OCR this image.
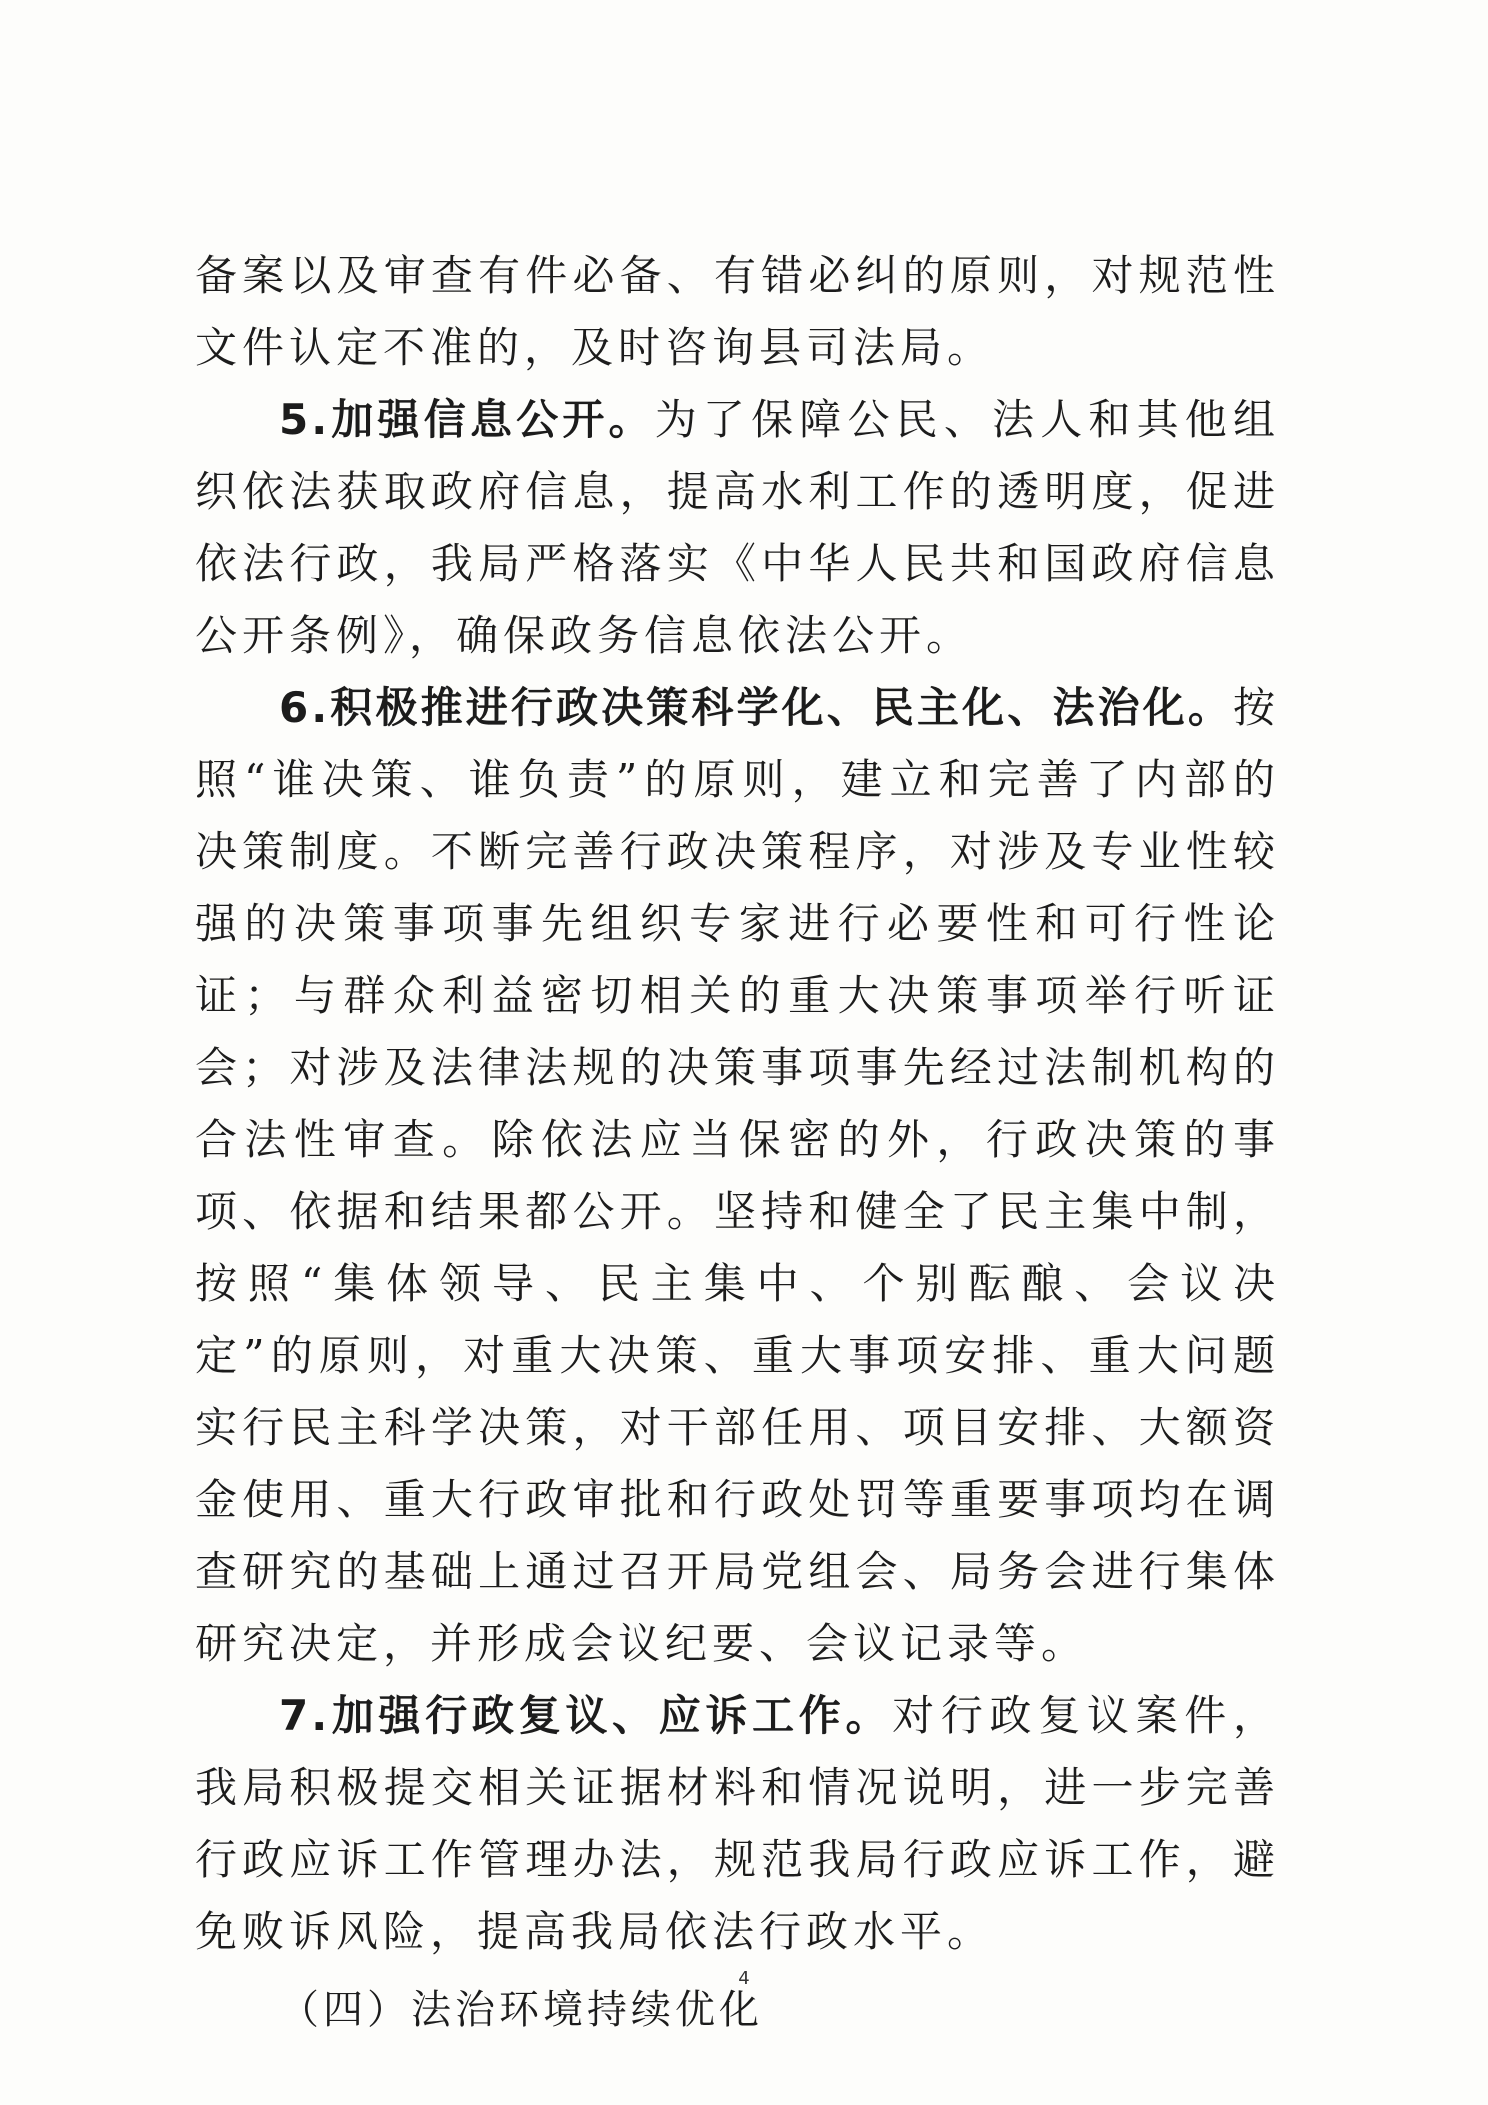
备案以及审查有件必备、有错必纠的原则，对规范性文件认定不准的，及时咨询县司法局。

5.加强信息公开。为了保障公民、法人和其他组织依法获取政府信息，提高水利工作的透明度，促进依法行政，我局严格落实《中华人民共和国政府信息公开条例》，确保政务信息依法公开。

6.积极推进行政决策科学化、民主化、法治化。按照“谁决策、谁负责”的原则，建立和完善了内部的决策制度。不断完善行政决策程序，对涉及专业性较强的决策事项事先组织专家进行必要性和可行性论证；与群众利益密切相关的重大决策事项举行听证会；对涉及法律法规的决策事项事先经过法制机构的合法性审查。除依法应当保密的外，行政决策的事项、依据和结果都公开。坚持和健全了民主集中制，按照“集体领导、民主集中、个别酝酿、会议决定”的原则，对重大决策、重大事项安排、重大问题实行民主科学决策，对干部任用、项目安排、大额资金使用、重大行政审批和行政处罚等重要事项均在调查研究的基础上通过召开局党组会、局务会进行集体研究决定，并形成会议纪要、会议记录等。

7.加强行政复议、应诉工作。对行政复议案件，我局积极提交相关证据材料和情况说明，进一步完善行政应诉工作管理办法，规范我局行政应诉工作，避免败诉风险，提高我局依法行政水平。

（四）法治环境持续优化
4
